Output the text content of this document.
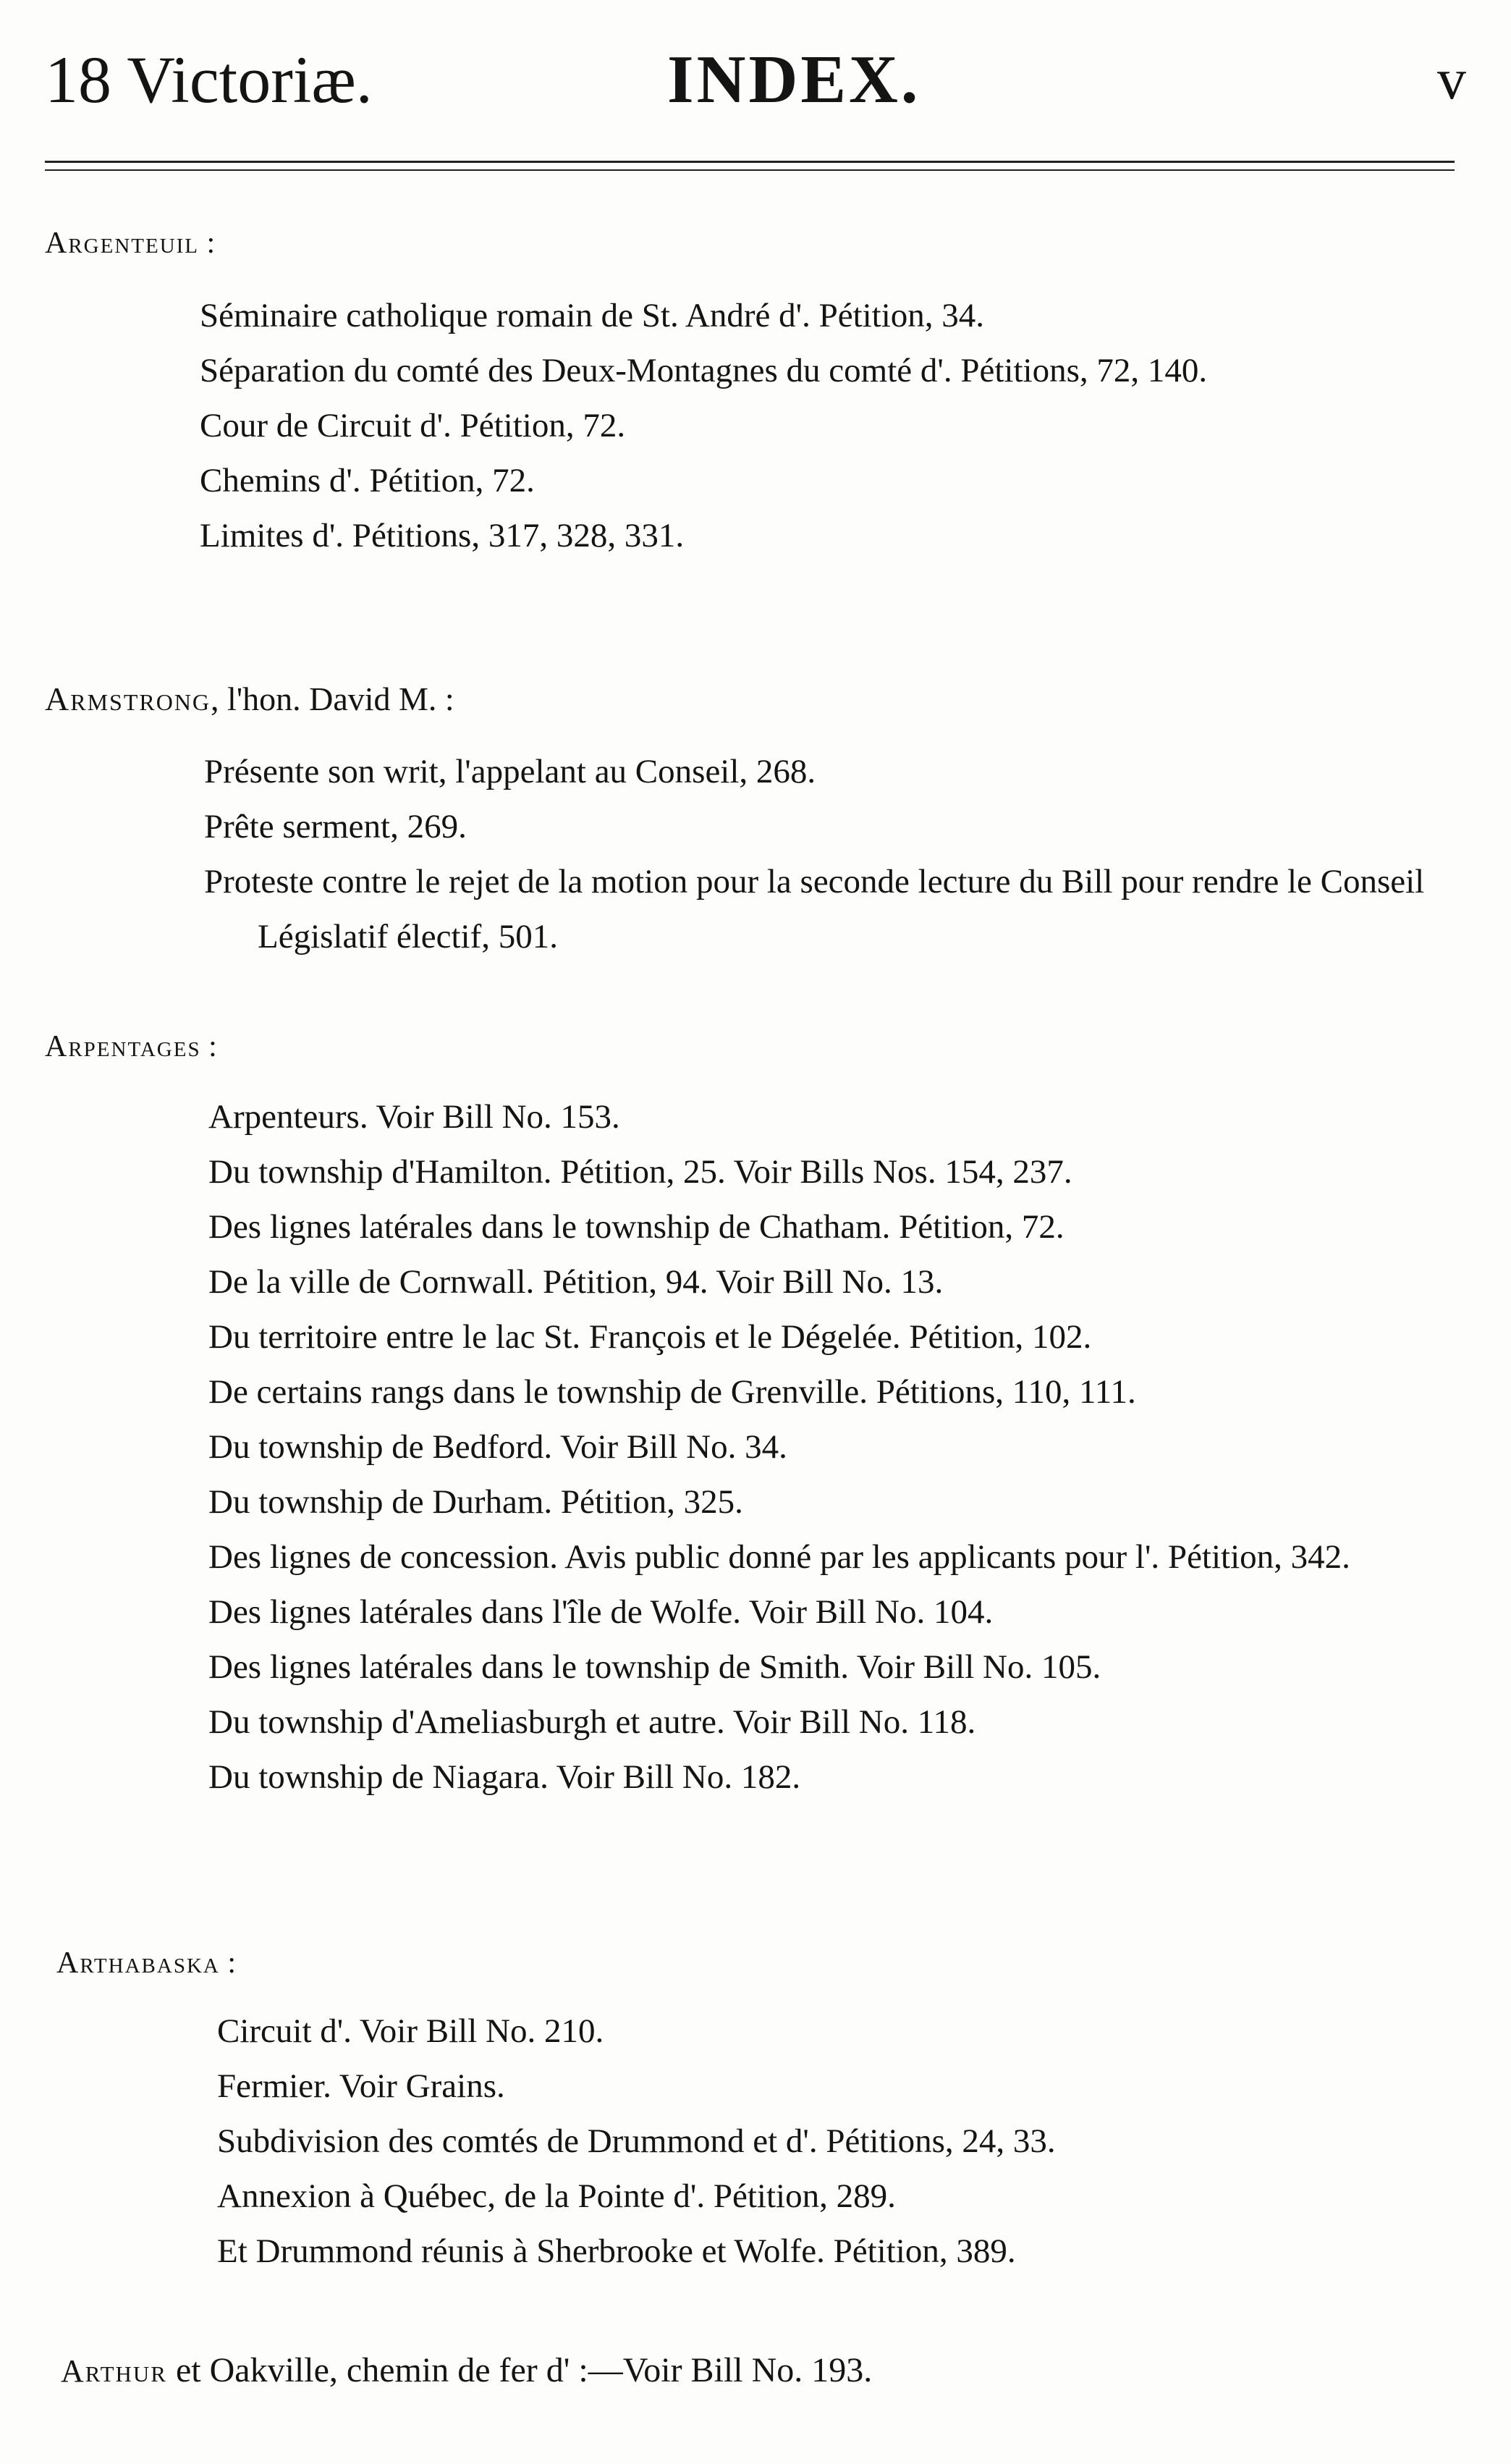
18 Victoriæ.	INDEX.	v
Argenteuil :
Séminaire catholique romain de St. André d'. Pétition, 34.
Séparation du comté des Deux-Montagnes du comté d'. Pétitions, 72, 140.
Cour de Circuit d'. Pétition, 72.
Chemins d'. Pétition, 72.
Limites d'. Pétitions, 317, 328, 331.
Armstrong, l'hon. David M. :
Présente son writ, l'appelant au Conseil, 268.
Prête serment, 269.
Proteste contre le rejet de la motion pour la seconde lecture du Bill pour rendre le Conseil Législatif électif, 501.
Arpentages :
Arpenteurs. Voir Bill No. 153.
Du township d'Hamilton. Pétition, 25. Voir Bills Nos. 154, 237.
Des lignes latérales dans le township de Chatham. Pétition, 72.
De la ville de Cornwall. Pétition, 94. Voir Bill No. 13.
Du territoire entre le lac St. François et le Dégelée. Pétition, 102.
De certains rangs dans le township de Grenville. Pétitions, 110, 111.
Du township de Bedford. Voir Bill No. 34.
Du township de Durham. Pétition, 325.
Des lignes de concession. Avis public donné par les applicants pour l'. Pétition, 342.
Des lignes latérales dans l'île de Wolfe. Voir Bill No. 104.
Des lignes latérales dans le township de Smith. Voir Bill No. 105.
Du township d'Ameliasburgh et autre. Voir Bill No. 118.
Du township de Niagara. Voir Bill No. 182.
Arthabaska :
Circuit d'. Voir Bill No. 210.
Fermier. Voir Grains.
Subdivision des comtés de Drummond et d'. Pétitions, 24, 33.
Annexion à Québec, de la Pointe d'. Pétition, 289.
Et Drummond réunis à Sherbrooke et Wolfe. Pétition, 389.
Arthur et Oakville, chemin de fer d' :—Voir Bill No. 193.
